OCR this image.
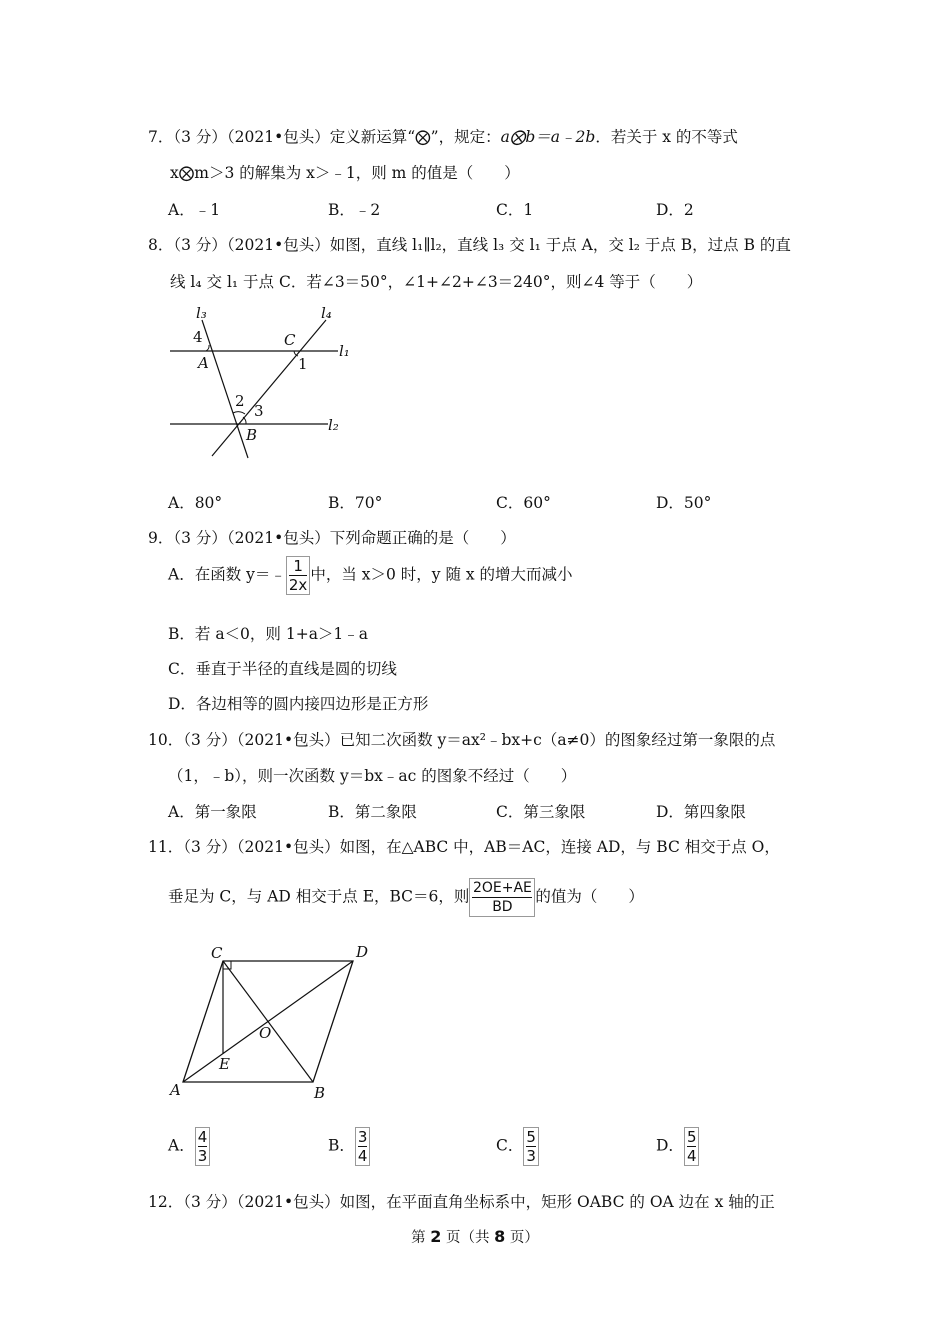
7．（3 分）（2021•包头）定义新运算“⨂”，规定：a⨂b＝a﹣2b．若关于 x 的不等式
x⨂m＞3 的解集为 x＞﹣1，则 m 的值是（　　）
A．﹣1	B．﹣2	C．1	D．2
8．（3 分）（2021•包头）如图，直线 l₁∥l₂，直线 l₃ 交 l₁ 于点 A，交 l₂ 于点 B，过点 B 的直
线 l₄ 交 l₁ 于点 C．若∠3＝50°，∠1+∠2+∠3＝240°，则∠4 等于（　　）
l₃	l₄
l₁
l₂
4
A
C
1
2
3
B
A．80°	B．70°	C．60°	D．50°
9．（3 分）（2021•包头）下列命题正确的是（　　）
A．在函数 y＝﹣ $\frac{1}{2x}$ 中，当 x＞0 时，y 随 x 的增大而减小
B．若 a＜0，则 1+a＞1﹣a
C．垂直于半径的直线是圆的切线
D．各边相等的圆内接四边形是正方形
10．（3 分）（2021•包头）已知二次函数 y＝ax²﹣bx+c（a≠0）的图象经过第一象限的点
（1，﹣b），则一次函数 y＝bx﹣ac 的图象不经过（　　）
A．第一象限	B．第二象限	C．第三象限	D．第四象限
11．（3 分）（2021•包头）如图，在△ABC 中，AB＝AC，连接 AD，与 BC 相交于点 O，
垂足为 C，与 AD 相交于点 E，BC＝6，则 $\frac{2OE+AE}{BD}$ 的值为（　　）
C	D
O
E
A	B
A． $\frac{4}{3}$	B． $\frac{3}{4}$	C． $\frac{5}{3}$	D． $\frac{5}{4}$
12．（3 分）（2021•包头）如图，在平面直角坐标系中，矩形 OABC 的 OA 边在 x 轴的正
第 2 页（共 8 页）
